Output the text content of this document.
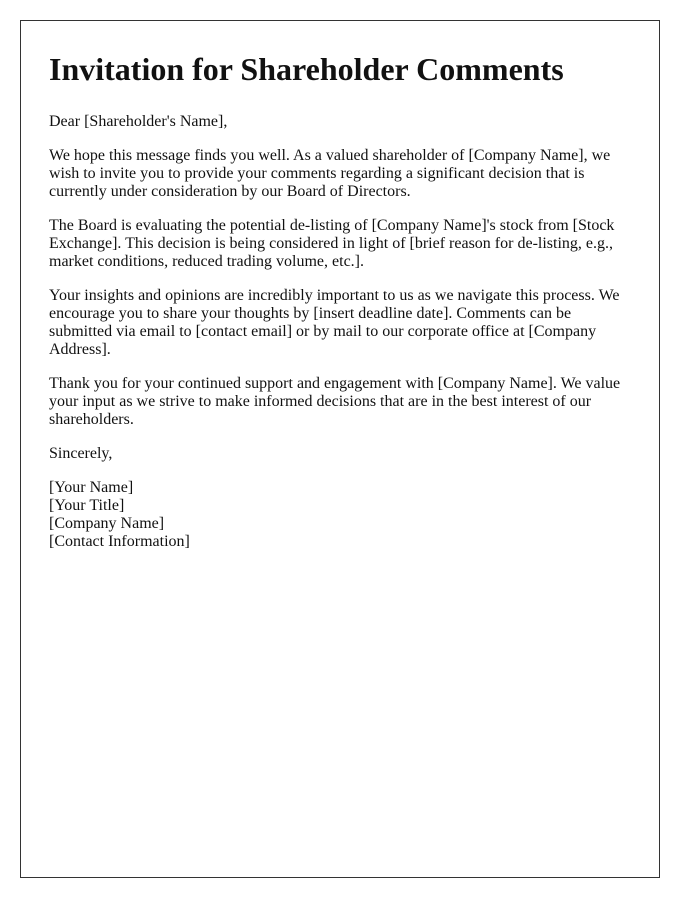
Invitation for Shareholder Comments

Dear [Shareholder's Name],

We hope this message finds you well. As a valued shareholder of [Company Name], we wish to invite you to provide your comments regarding a significant decision that is currently under consideration by our Board of Directors.

The Board is evaluating the potential de-listing of [Company Name]'s stock from [Stock Exchange]. This decision is being considered in light of [brief reason for de-listing, e.g., market conditions, reduced trading volume, etc.].

Your insights and opinions are incredibly important to us as we navigate this process. We encourage you to share your thoughts by [insert deadline date]. Comments can be submitted via email to [contact email] or by mail to our corporate office at [Company Address].

Thank you for your continued support and engagement with [Company Name]. We value your input as we strive to make informed decisions that are in the best interest of our shareholders.

Sincerely,

[Your Name]

[Your Title]

[Company Name]

[Contact Information]
